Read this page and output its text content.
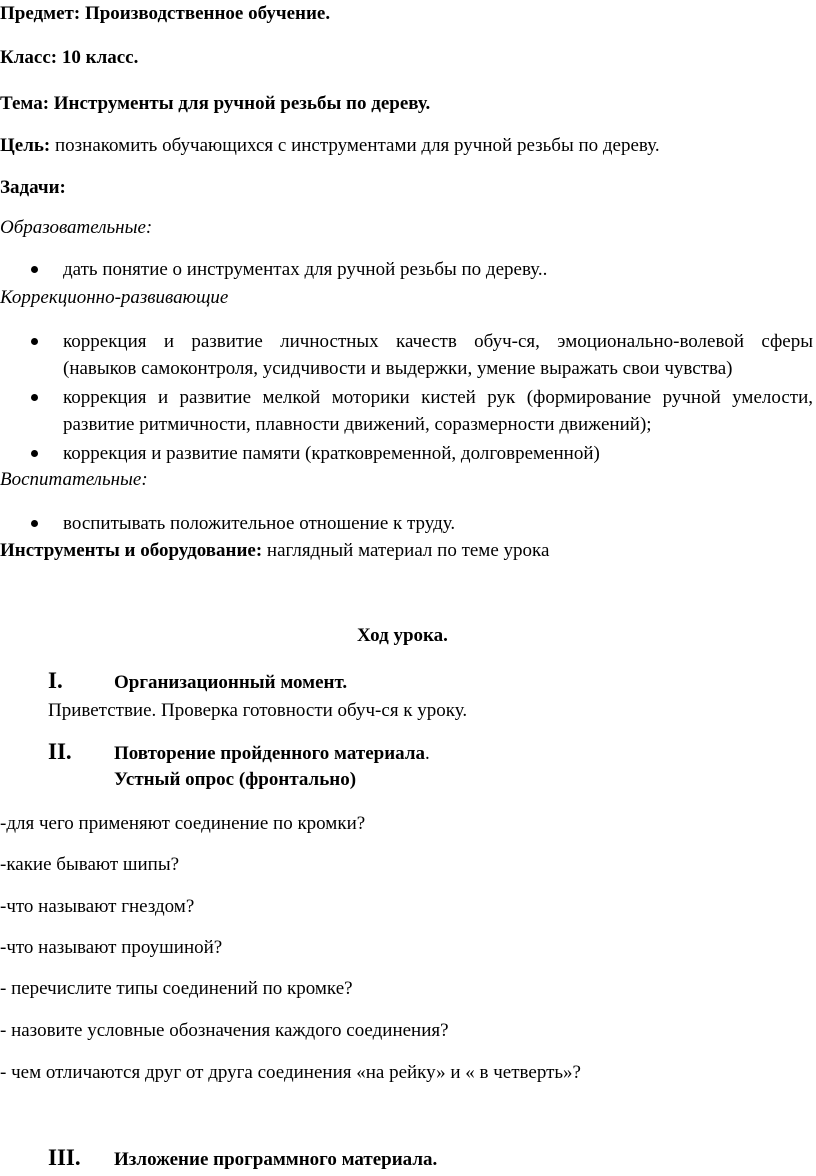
Предмет: Производственное обучение.
Класс: 10 класс.
Тема: Инструменты для ручной резьбы по дереву.
Цель: познакомить обучающихся с инструментами для ручной резьбы по дереву.
Задачи:
Образовательные:
дать понятие о инструментах для ручной резьбы по дереву..
Коррекционно-развивающие
коррекция и развитие личностных качеств обуч-ся, эмоционально-волевой сферы
(навыков самоконтроля, усидчивости и выдержки, умение выражать свои чувства)
коррекция и развитие мелкой моторики кистей рук (формирование ручной умелости,
развитие ритмичности, плавности движений, соразмерности движений);
коррекция и развитие памяти (кратковременной, долговременной)
Воспитательные:
воспитывать положительное отношение к труду.
Инструменты и оборудование: наглядный материал по теме урока
Ход урока.
I.	Организационный момент.
Приветствие. Проверка готовности обуч-ся к уроку.
II. Повторение пройденного материала.
Устный опрос (фронтально)
-для чего применяют соединение по кромки?
-какие бывают шипы?
-что называют гнездом?
-что называют проушиной?
- перечислите типы соединений по кромке?
- назовите условные обозначения каждого соединения?
- чем отличаются друг от друга соединения «на рейку» и « в четверть»?
III. Изложение программного материала.
